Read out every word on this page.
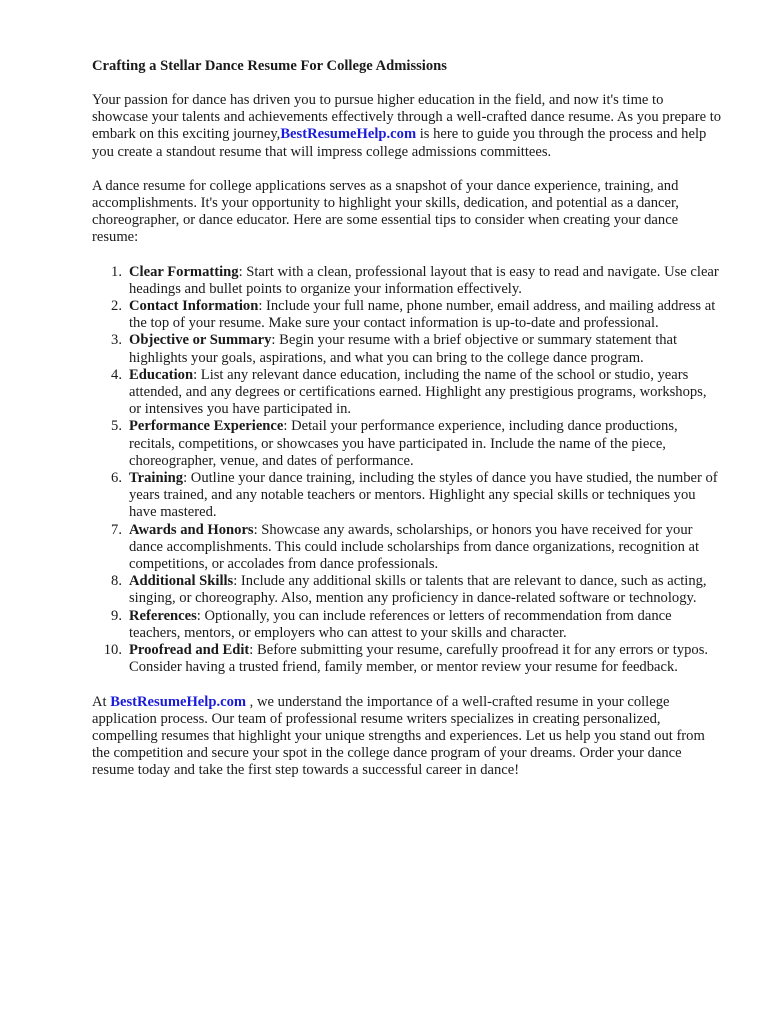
Crafting a Stellar Dance Resume For College Admissions

Your passion for dance has driven you to pursue higher education in the field, and now it's time to showcase your talents and achievements effectively through a well-crafted dance resume. As you prepare to embark on this exciting journey,BestResumeHelp.com is here to guide you through the process and help you create a standout resume that will impress college admissions committees.

A dance resume for college applications serves as a snapshot of your dance experience, training, and accomplishments. It's your opportunity to highlight your skills, dedication, and potential as a dancer, choreographer, or dance educator. Here are some essential tips to consider when creating your dance resume:

1. Clear Formatting: Start with a clean, professional layout that is easy to read and navigate. Use clear headings and bullet points to organize your information effectively.
2. Contact Information: Include your full name, phone number, email address, and mailing address at the top of your resume. Make sure your contact information is up-to-date and professional.
3. Objective or Summary: Begin your resume with a brief objective or summary statement that highlights your goals, aspirations, and what you can bring to the college dance program.
4. Education: List any relevant dance education, including the name of the school or studio, years attended, and any degrees or certifications earned. Highlight any prestigious programs, workshops, or intensives you have participated in.
5. Performance Experience: Detail your performance experience, including dance productions, recitals, competitions, or showcases you have participated in. Include the name of the piece, choreographer, venue, and dates of performance.
6. Training: Outline your dance training, including the styles of dance you have studied, the number of years trained, and any notable teachers or mentors. Highlight any special skills or techniques you have mastered.
7. Awards and Honors: Showcase any awards, scholarships, or honors you have received for your dance accomplishments. This could include scholarships from dance organizations, recognition at competitions, or accolades from dance professionals.
8. Additional Skills: Include any additional skills or talents that are relevant to dance, such as acting, singing, or choreography. Also, mention any proficiency in dance-related software or technology.
9. References: Optionally, you can include references or letters of recommendation from dance teachers, mentors, or employers who can attest to your skills and character.
10. Proofread and Edit: Before submitting your resume, carefully proofread it for any errors or typos. Consider having a trusted friend, family member, or mentor review your resume for feedback.

At BestResumeHelp.com , we understand the importance of a well-crafted resume in your college application process. Our team of professional resume writers specializes in creating personalized, compelling resumes that highlight your unique strengths and experiences. Let us help you stand out from the competition and secure your spot in the college dance program of your dreams. Order your dance resume today and take the first step towards a successful career in dance!
